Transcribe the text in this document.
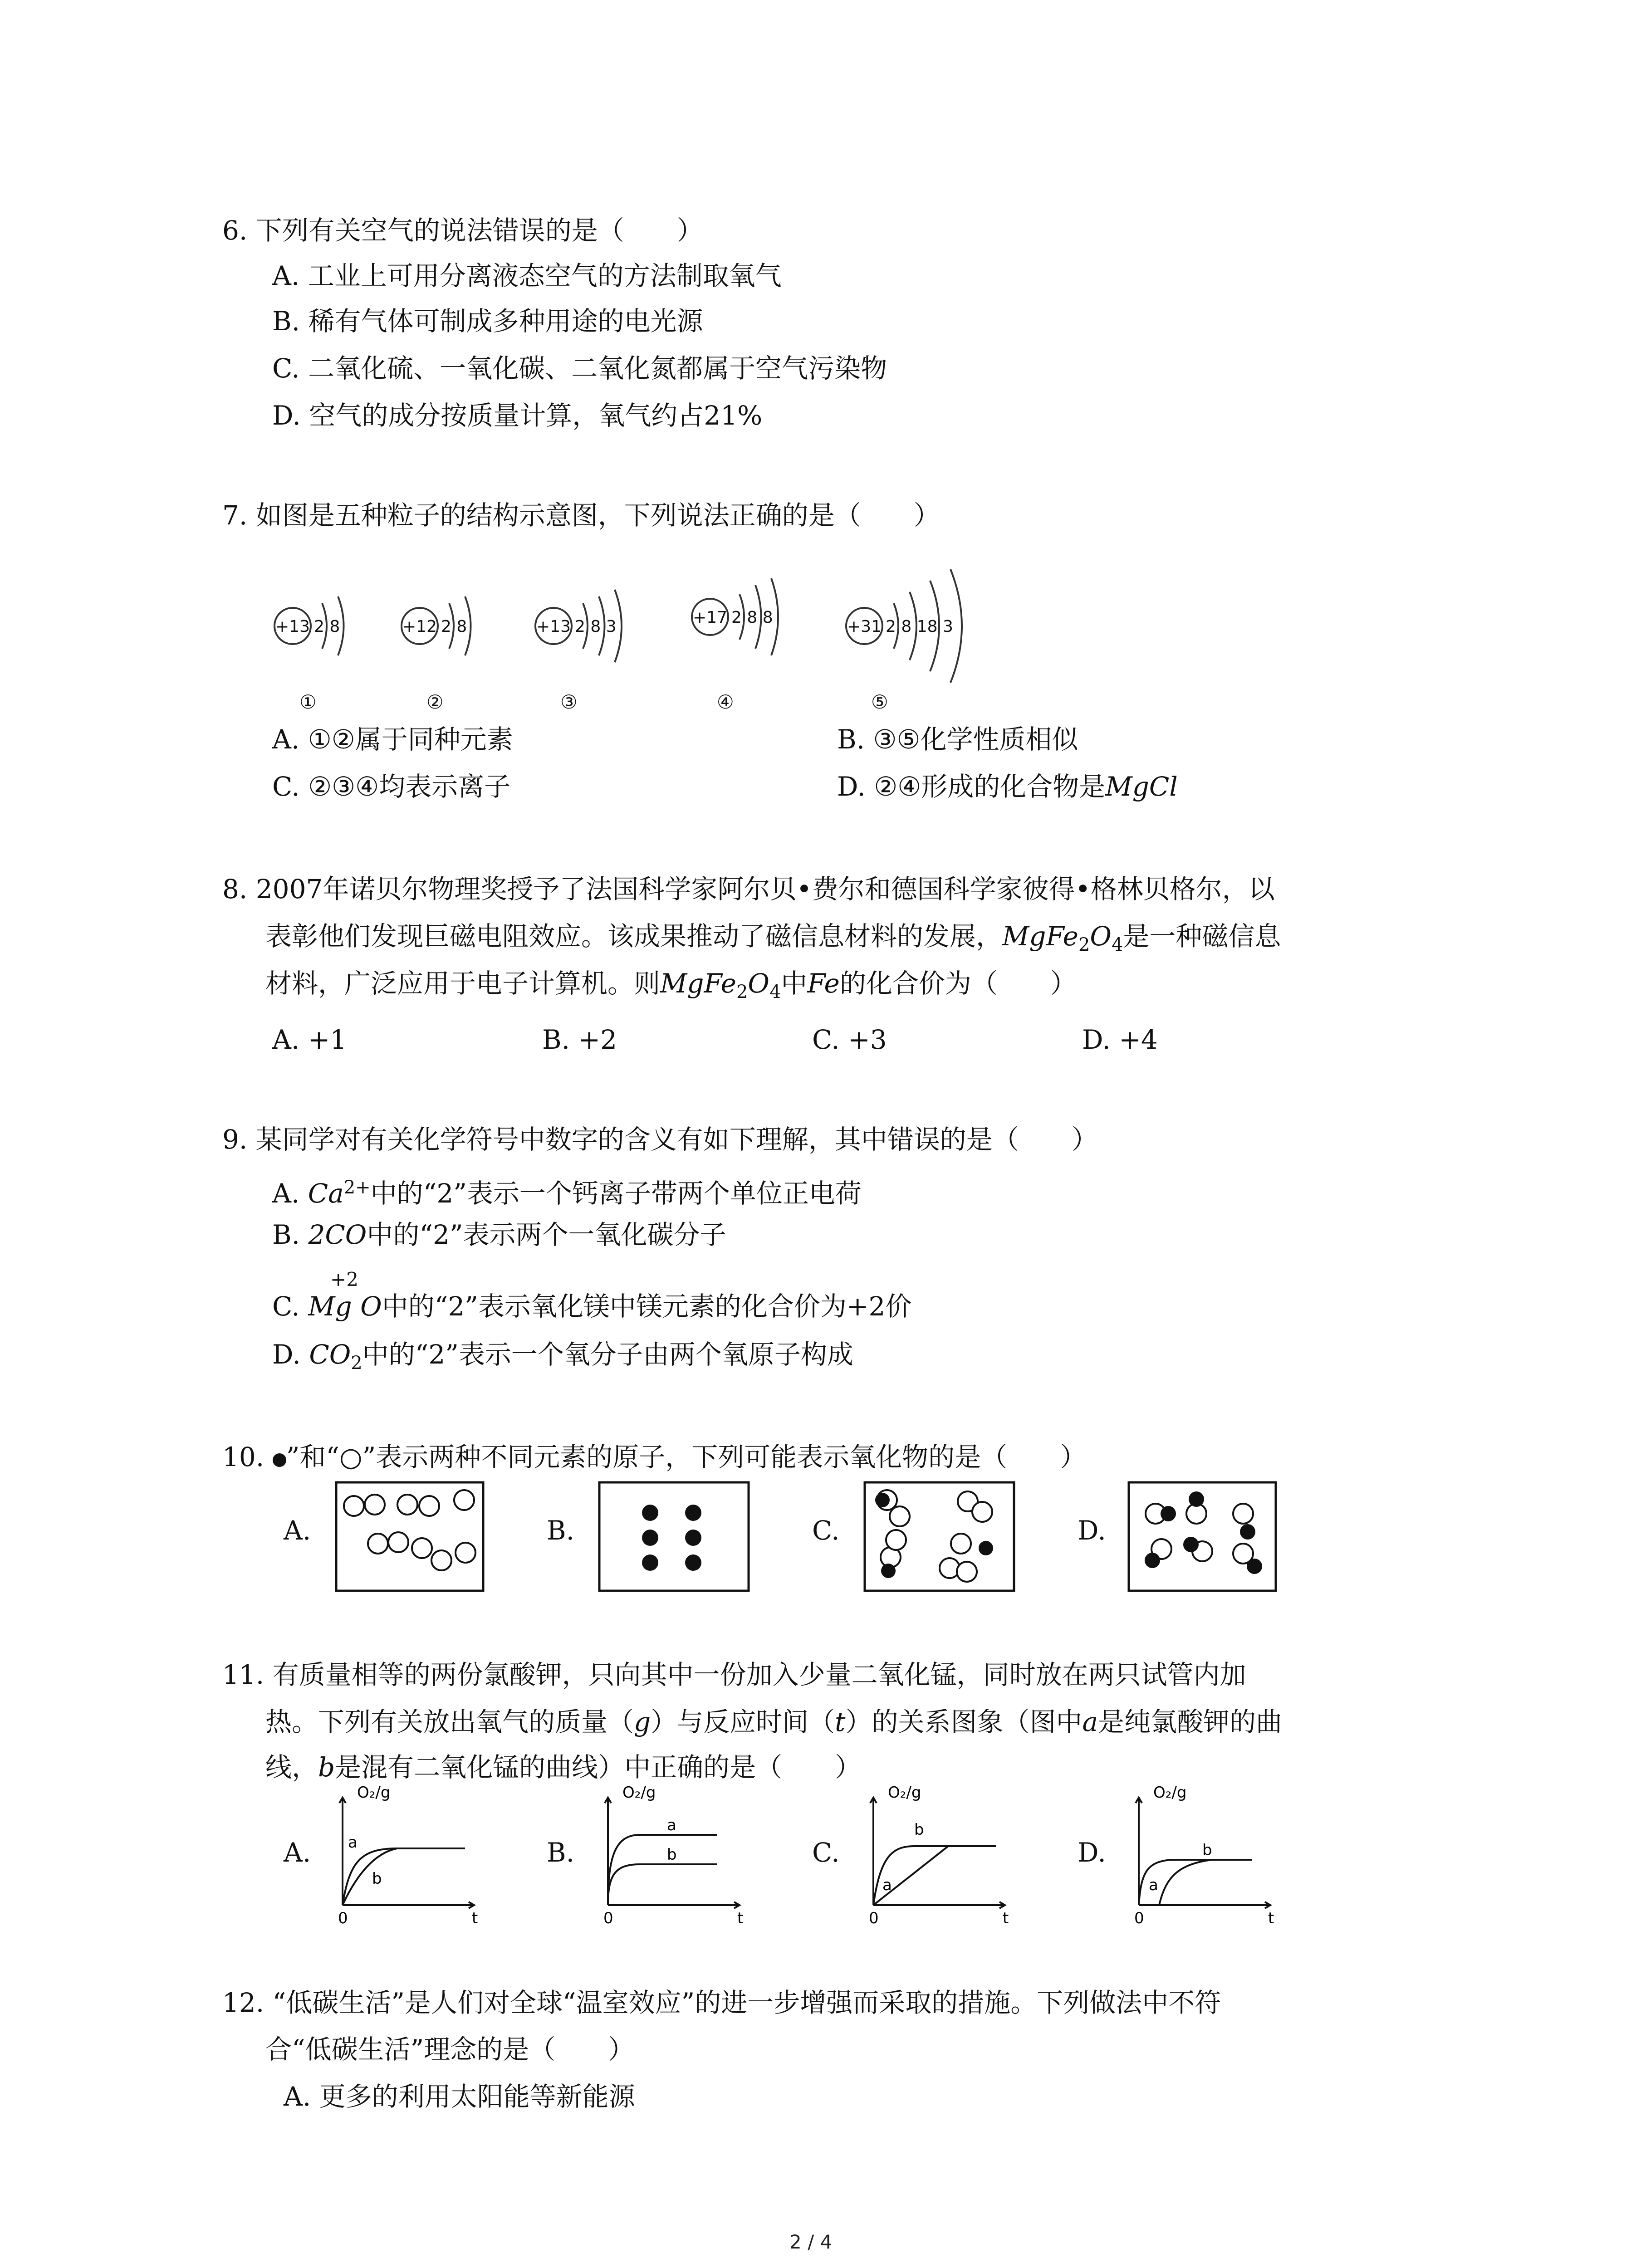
6. 下列有关空气的说法错误的是（　　）
A. 工业上可用分离液态空气的方法制取氧气
B. 稀有气体可制成多种用途的电光源
C. 二氧化硫、一氧化碳、二氧化氮都属于空气污染物
D. 空气的成分按质量计算，氧气约占21%
7. 如图是五种粒子的结构示意图，下列说法正确的是（　　）
+13 2 8	+12 2 8	+13 2 8 3	+17 2 8 8	+31 2 8 18 3
①	②	③	④	⑤
A. ①②属于同种元素	B. ③⑤化学性质相似
C. ②③④均表示离子	D. ②④形成的化合物是MgCl
8. 2007年诺贝尔物理奖授予了法国科学家阿尔贝•费尔和德国科学家彼得•格林贝格尔，以
表彰他们发现巨磁电阻效应。该成果推动了磁信息材料的发展，$MgFe_2O_4$是一种磁信息
材料，广泛应用于电子计算机。则$MgFe_2O_4$中Fe的化合价为（　　）
A. +1	B. +2	C. +3	D. +4
9. 某同学对有关化学符号中数字的含义有如下理解，其中错误的是（　　）
A. $Ca^{2+}$中的“2”表示一个钙离子带两个单位正电荷
B. 2CO中的“2”表示两个一氧化碳分子
+2
C. Mg O中的“2”表示氧化镁中镁元素的化合价为+2价
D. $CO_2$中的“2”表示一个氧分子由两个氧原子构成
10. ”和“○”表示两种不同元素的原子，下列可能表示氧化物的是（　　）
A.	B.	C.	D.
11. 有质量相等的两份氯酸钾，只向其中一份加入少量二氧化锰，同时放在两只试管内加
热。下列有关放出氧气的质量（g）与反应时间（t）的关系图象（图中a是纯氯酸钾的曲
线，b是混有二氧化锰的曲线）中正确的是（　　）
A.
O₂/g
a
b
0	t
B.
O₂/g
a
b
0	t
C.
O₂/g
b
a
0	t
D.
O₂/g
b
a
0	t
12. “低碳生活”是人们对全球“温室效应”的进一步增强而采取的措施。下列做法中不符
合“低碳生活”理念的是（　　）
A. 更多的利用太阳能等新能源
2 / 4
